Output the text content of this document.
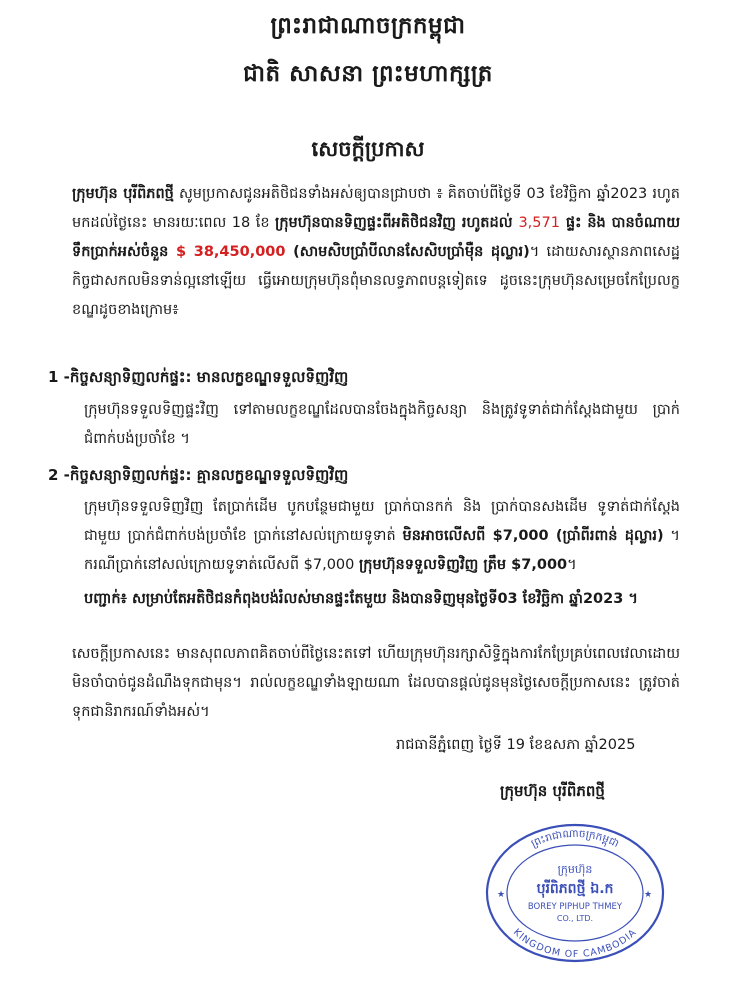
ព្រះរាជាណាចក្រកម្ពុជា
ជាតិ សាសនា ព្រះមហាក្សត្រ
សេចក្តីប្រកាស

ក្រុមហ៊ុន បុរីពិភពថ្មី សូមប្រកាសជូនអតិថិជនទាំងអស់ឲ្យបានជ្រាបថា ៖ គិតចាប់ពីថ្ងៃទី 03 ខែវិច្ឆិកា ឆ្នាំ2023 រហូតមកដល់ថ្ងៃនេះ មានរយៈពេល 18 ខែ ក្រុមហ៊ុនបានទិញផ្ទះពីអតិថិជនវិញ រហូតដល់ 3,571 ផ្ទះ និង បានចំណាយទឹកប្រាក់អស់ចំនួន $ 38,450,000 (សាមសិបប្រាំបីលានសែសិបប្រាំម៉ឺន ដុល្លារ)។ ដោយសារស្ថានភាពសេដ្ឋកិច្ចជាសកលមិនទាន់ល្អនៅឡើយ ធ្វើអោយក្រុមហ៊ុនពុំមានលទ្ធភាពបន្តទៀតទេ ដូចនេះក្រុមហ៊ុនសម្រេចកែប្រែលក្ខខណ្ឌដូចខាងក្រោម៖

1 -កិច្ចសន្យាទិញលក់ផ្ទះ: មានលក្ខខណ្ឌទទួលទិញវិញ

ក្រុមហ៊ុនទទួលទិញផ្ទះវិញ ទៅតាមលក្ខខណ្ឌដែលបានចែងក្នុងកិច្ចសន្យា និងត្រូវទូទាត់ជាក់ស្តែងជាមួយ ប្រាក់ជំពាក់បង់ប្រចាំខែ ។

2 -កិច្ចសន្យាទិញលក់ផ្ទះ: គ្មានលក្ខខណ្ឌទទួលទិញវិញ

ក្រុមហ៊ុនទទួលទិញវិញ តែប្រាក់ដើម បូកបន្ថែមជាមួយ ប្រាក់បានកក់ និង ប្រាក់បានសងដើម ទូទាត់ជាក់ស្តែងជាមួយ ប្រាក់ជំពាក់បង់ប្រចាំខែ ប្រាក់នៅសល់ក្រោយទូទាត់ មិនអាចលើសពី $7,000 (ប្រាំពីរពាន់ ដុល្លារ) ។ ករណីប្រាក់នៅសល់ក្រោយទូទាត់លើសពី $7,000 ក្រុមហ៊ុនទទួលទិញវិញ ត្រឹម $7,000។

បញ្ជាក់៖ សម្រាប់តែអតិថិជនកំពុងបង់រំលស់មានផ្ទះតែមួយ និងបានទិញមុនថ្ងៃទី03 ខែវិច្ឆិកា ឆ្នាំ2023 ។

សេចក្តីប្រកាសនេះ មានសុពលភាពគិតចាប់ពីថ្ងៃនេះតទៅ ហើយក្រុមហ៊ុនរក្សាសិទ្ធិក្នុងការកែប្រែគ្រប់ពេលវេលាដោយមិនចាំបាច់ជូនដំណឹងទុកជាមុន។ រាល់លក្ខខណ្ឌទាំងឡាយណា ដែលបានផ្តល់ជូនមុនថ្ងៃសេចក្តីប្រកាសនេះ ត្រូវចាត់ទុកជានិរាករណ៍ទាំងអស់។

រាជធានីភ្នំពេញ ថ្ងៃទី 19 ខែឧសភា ឆ្នាំ2025
ក្រុមហ៊ុន បុរីពិភពថ្មី
ព្រះរាជាណាចក្រកម្ពុជា
ក្រុមហ៊ុន
បុរីពិភពថ្មី ឯ.ក
BOREY PIPHUP THMEY
CO., LTD.
KINGDOM OF CAMBODIA
★	★
